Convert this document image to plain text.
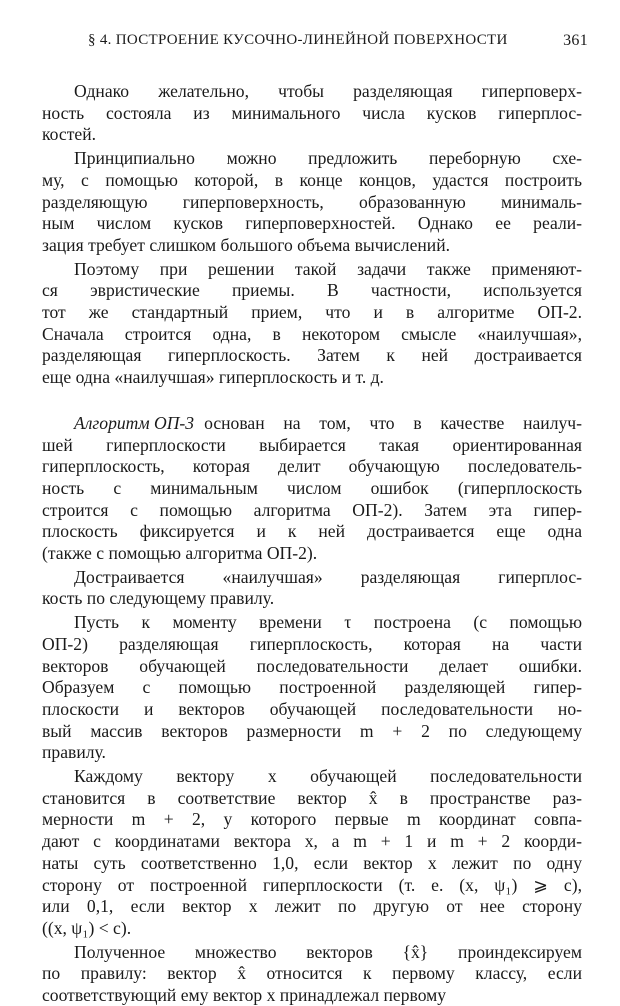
§ 4. ПОСТРОЕНИЕ КУСОЧНО-ЛИНЕЙНОЙ ПОВЕРХНОСТИ	361
Однако желательно, чтобы разделяющая гиперповерх-
ность состояла из минимального числа кусков гиперплос-
костей.
Принципиально можно предложить переборную схе-
му, с помощью которой, в конце концов, удастся построить
разделяющую гиперповерхность, образованную минималь-
ным числом кусков гиперповерхностей. Однако ее реали-
зация требует слишком большого объема вычислений.
Поэтому при решении такой задачи также применяют-
ся эвристические приемы. В частности, используется
тот же стандартный прием, что и в алгоритме ОП-2.
Сначала строится одна, в некотором смысле «наилучшая»,
разделяющая гиперплоскость. Затем к ней достраивается
еще одна «наилучшая» гиперплоскость и т. д.
Алгоритм ОП-3 основан на том, что в качестве наилуч-
шей гиперплоскости выбирается такая ориентированная
гиперплоскость, которая делит обучающую последователь-
ность с минимальным числом ошибок (гиперплоскость
строится с помощью алгоритма ОП-2). Затем эта гипер-
плоскость фиксируется и к ней достраивается еще одна
(также с помощью алгоритма ОП-2).
Достраивается «наилучшая» разделяющая гиперплос-
кость по следующему правилу.
Пусть к моменту времени τ построена (с помощью
ОП-2) разделяющая гиперплоскость, которая на части
векторов обучающей последовательности делает ошибки.
Образуем с помощью построенной разделяющей гипер-
плоскости и векторов обучающей последовательности но-
вый массив векторов размерности m + 2 по следующему
правилу.
Каждому вектору x обучающей последовательности
становится в соответствие вектор x̂ в пространстве раз-
мерности m + 2, у которого первые m координат совпа-
дают с координатами вектора x, а m + 1 и m + 2 коорди-
наты суть соответственно 1,0, если вектор x лежит по одну
сторону от построенной гиперплоскости (т. е. (x, ψ₁) ⩾ c),
или 0,1, если вектор x лежит по другую от нее сторону
((x, ψ₁) < c).
Полученное множество векторов {x̂} проиндексируем
по правилу: вектор x̂ относится к первому классу, если
соответствующий ему вектор x принадлежал первому
